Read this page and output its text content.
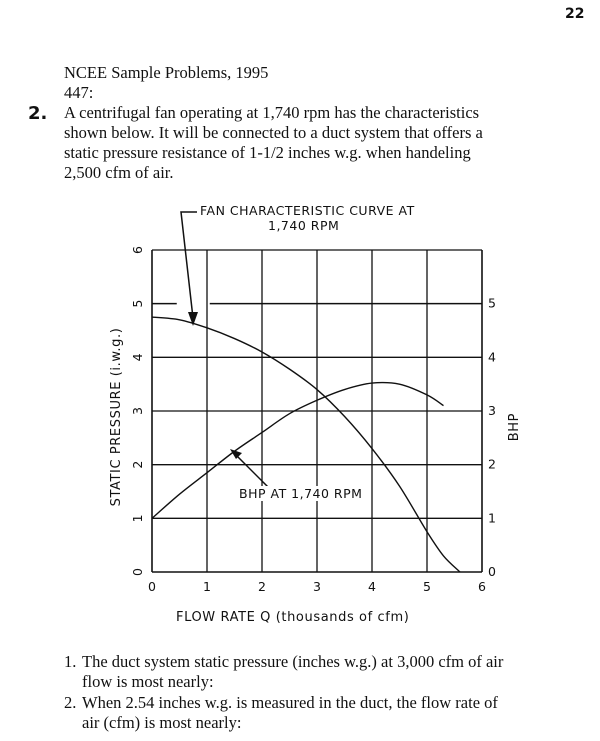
22
NCEE Sample Problems, 1995
447:
2. A centrifugal fan operating at 1,740 rpm has the characteristics
shown below. It will be connected to a duct system that offers a
static pressure resistance of 1-1/2 inches w.g. when handeling
2,500 cfm of air.
0	1	2	3	4	5	6
0
1
2
3
4
5
6
0
1
2
3
4
5
STATIC PRESSURE (i.w.g.)	BHP
FAN CHARACTERISTIC CURVE AT
1,740 RPM
BHP AT 1,740 RPM
FLOW RATE Q (thousands of cfm)
1. The duct system static pressure (inches w.g.) at 3,000 cfm of air
flow is most nearly:
2. When 2.54 inches w.g. is measured in the duct, the flow rate of
air (cfm) is most nearly:
